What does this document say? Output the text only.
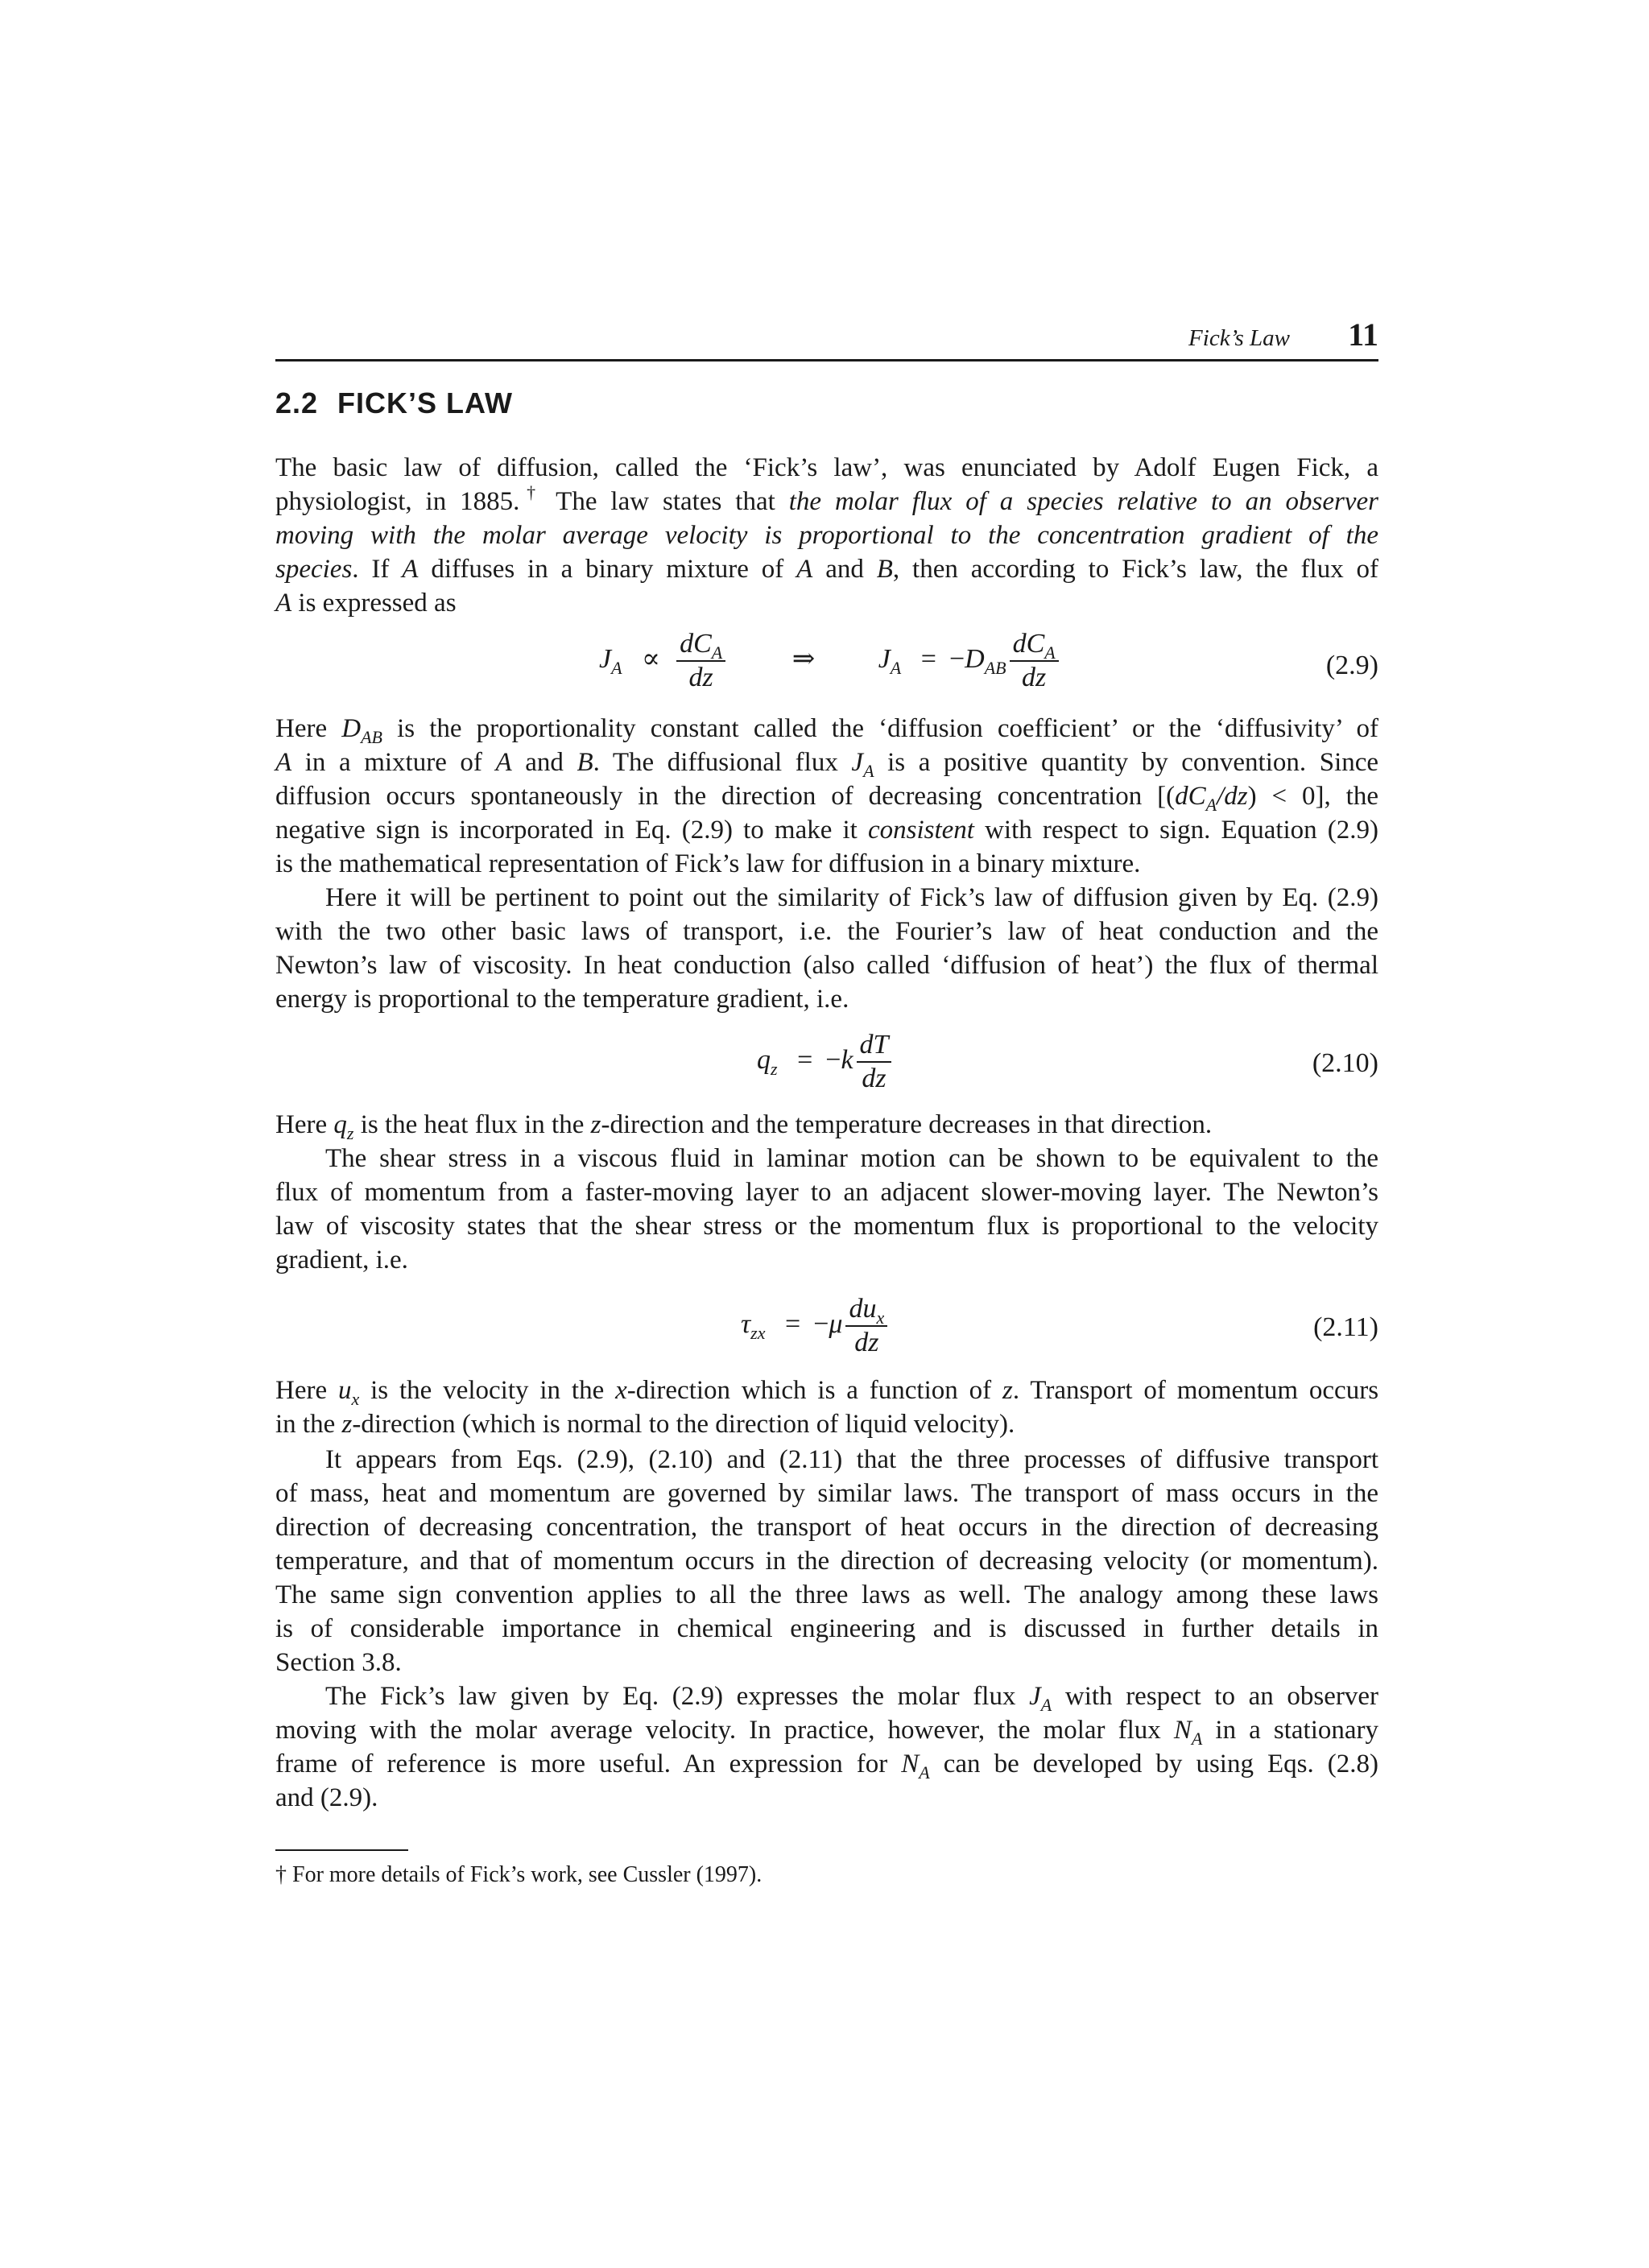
Fick’s Law 11
2.2 FICK’S LAW
The basic law of diffusion, called the ‘Fick’s law’, was enunciated by Adolf Eugen Fick, a
physiologist, in 1885.† The law states that the molar flux of a species relative to an observer
moving with the molar average velocity is proportional to the concentration gradient of the
species. If A diffuses in a binary mixture of A and B, then according to Fick’s law, the flux of
A is expressed as
$J_A \propto \frac{dC_A}{dz}$ ⇒ $J_A = -D_{AB} \frac{dC_A}{dz}$	(2.9)
Here $D_{AB}$ is the proportionality constant called the ‘diffusion coefficient’ or the ‘diffusivity’ of
A in a mixture of A and B. The diffusional flux $J_A$ is a positive quantity by convention. Since
diffusion occurs spontaneously in the direction of decreasing concentration $[(dC_A/dz) < 0]$, the
negative sign is incorporated in Eq. (2.9) to make it consistent with respect to sign. Equation (2.9)
is the mathematical representation of Fick’s law for diffusion in a binary mixture.
Here it will be pertinent to point out the similarity of Fick’s law of diffusion given by Eq. (2.9)
with the two other basic laws of transport, i.e. the Fourier’s law of heat conduction and the
Newton’s law of viscosity. In heat conduction (also called ‘diffusion of heat’) the flux of thermal
energy is proportional to the temperature gradient, i.e.
$q_z = -k \frac{dT}{dz}$	(2.10)
Here $q_z$ is the heat flux in the z-direction and the temperature decreases in that direction.
The shear stress in a viscous fluid in laminar motion can be shown to be equivalent to the
flux of momentum from a faster-moving layer to an adjacent slower-moving layer. The Newton’s
law of viscosity states that the shear stress or the momentum flux is proportional to the velocity
gradient, i.e.
$\tau_{zx} = -\mu \frac{du_x}{dz}$	(2.11)
Here $u_x$ is the velocity in the x-direction which is a function of z. Transport of momentum occurs
in the z-direction (which is normal to the direction of liquid velocity).
It appears from Eqs. (2.9), (2.10) and (2.11) that the three processes of diffusive transport
of mass, heat and momentum are governed by similar laws. The transport of mass occurs in the
direction of decreasing concentration, the transport of heat occurs in the direction of decreasing
temperature, and that of momentum occurs in the direction of decreasing velocity (or momentum).
The same sign convention applies to all the three laws as well. The analogy among these laws
is of considerable importance in chemical engineering and is discussed in further details in
Section 3.8.
The Fick’s law given by Eq. (2.9) expresses the molar flux $J_A$ with respect to an observer
moving with the molar average velocity. In practice, however, the molar flux $N_A$ in a stationary
frame of reference is more useful. An expression for $N_A$ can be developed by using Eqs. (2.8)
and (2.9).
† For more details of Fick’s work, see Cussler (1997).
